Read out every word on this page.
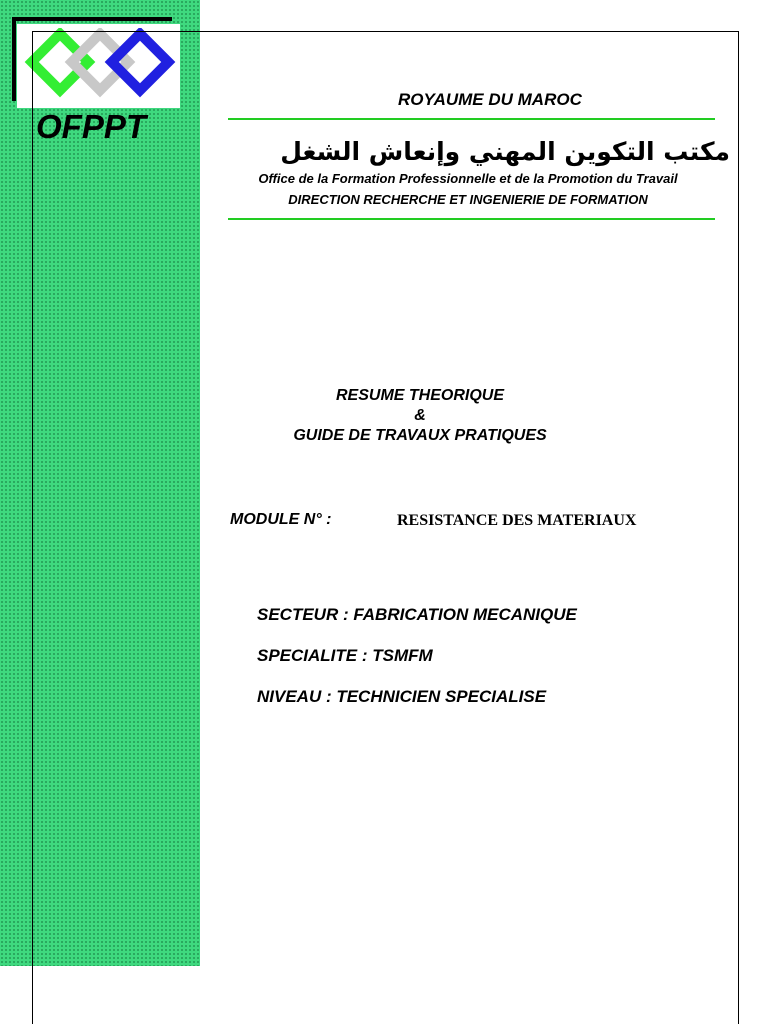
OFPPT
ROYAUME DU MAROC
مكتب التكوين المهني وإنعاش الشغل
Office de la Formation Professionnelle et de la Promotion du Travail
DIRECTION RECHERCHE ET INGENIERIE DE FORMATION
RESUME THEORIQUE
&
GUIDE DE TRAVAUX PRATIQUES
MODULE N° :	RESISTANCE DES MATERIAUX
SECTEUR : FABRICATION MECANIQUE
SPECIALITE : TSMFM
NIVEAU : TECHNICIEN SPECIALISE
